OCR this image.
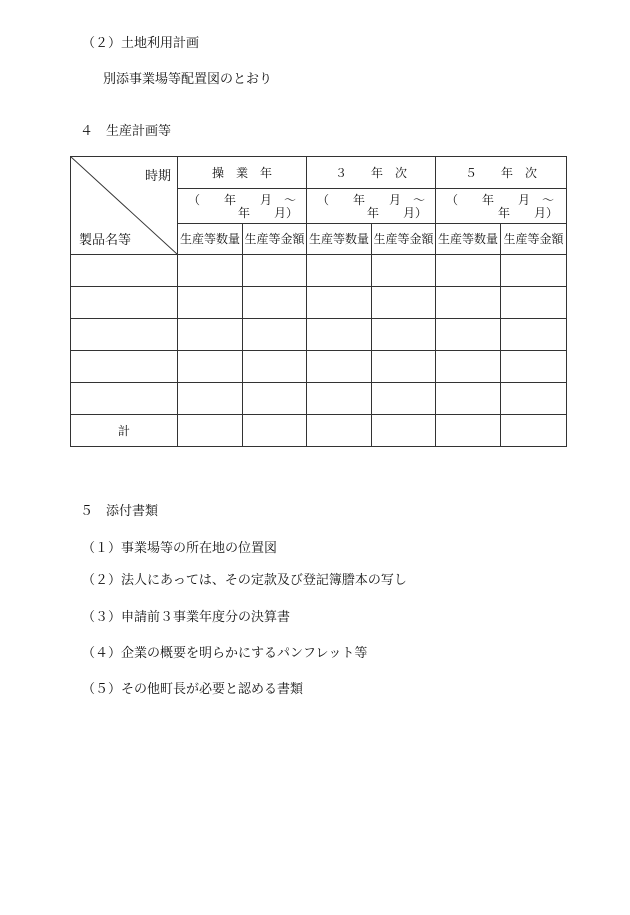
（２）土地利用計画
別添事業場等配置図のとおり
４　生産計画等
時期
製品名等	操　業　年		３　　年　次		５　　年　次	

	（　　年　　月　～
年　　月）		（　　年　　月　～
年　　月）		（　　年　　月　～
年　　月）	

	生産等数量	生産等金額	生産等数量	生産等金額	生産等数量	生産等金額

計						
５　添付書類
（１）事業場等の所在地の位置図
（２）法人にあっては、その定款及び登記簿謄本の写し
（３）申請前３事業年度分の決算書
（４）企業の概要を明らかにするパンフレット等
（５）その他町長が必要と認める書類
